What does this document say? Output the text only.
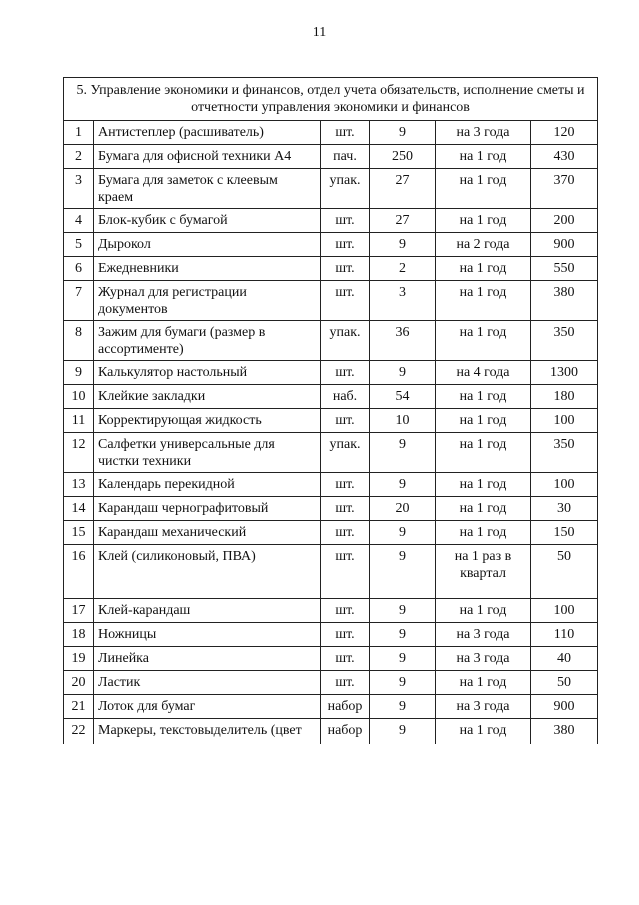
11
5. Управление экономики и финансов, отдел учета обязательств, исполнение сметы и отчетности управления экономики и финансов					
1	Антистеплер (расшиватель)	шт.	9	на 3 года	120
2	Бумага для офисной техники А4	пач.	250	на 1 год	430
3	Бумага для заметок с клеевым краем	упак.	27	на 1 год	370
4	Блок-кубик с бумагой	шт.	27	на 1 год	200
5	Дырокол	шт.	9	на 2 года	900
6	Ежедневники	шт.	2	на 1 год	550
7	Журнал для регистрации документов	шт.	3	на 1 год	380
8	Зажим для бумаги (размер в ассортименте)	упак.	36	на 1 год	350
9	Калькулятор настольный	шт.	9	на 4 года	1300
10	Клейкие закладки	наб.	54	на 1 год	180
11	Корректирующая жидкость	шт.	10	на 1 год	100
12	Салфетки универсальные для чистки техники	упак.	9	на 1 год	350
13	Календарь перекидной	шт.	9	на 1 год	100
14	Карандаш чернографитовый	шт.	20	на 1 год	30
15	Карандаш механический	шт.	9	на 1 год	150
16	Клей (силиконовый, ПВА)	шт.	9	на 1 раз в квартал	50
17	Клей-карандаш	шт.	9	на 1 год	100
18	Ножницы	шт.	9	на 3 года	110
19	Линейка	шт.	9	на 3 года	40
20	Ластик	шт.	9	на 1 год	50
21	Лоток для бумаг	набор	9	на 3 года	900
22	Маркеры, текстовыделитель (цвет	набор	9	на 1 год	380
